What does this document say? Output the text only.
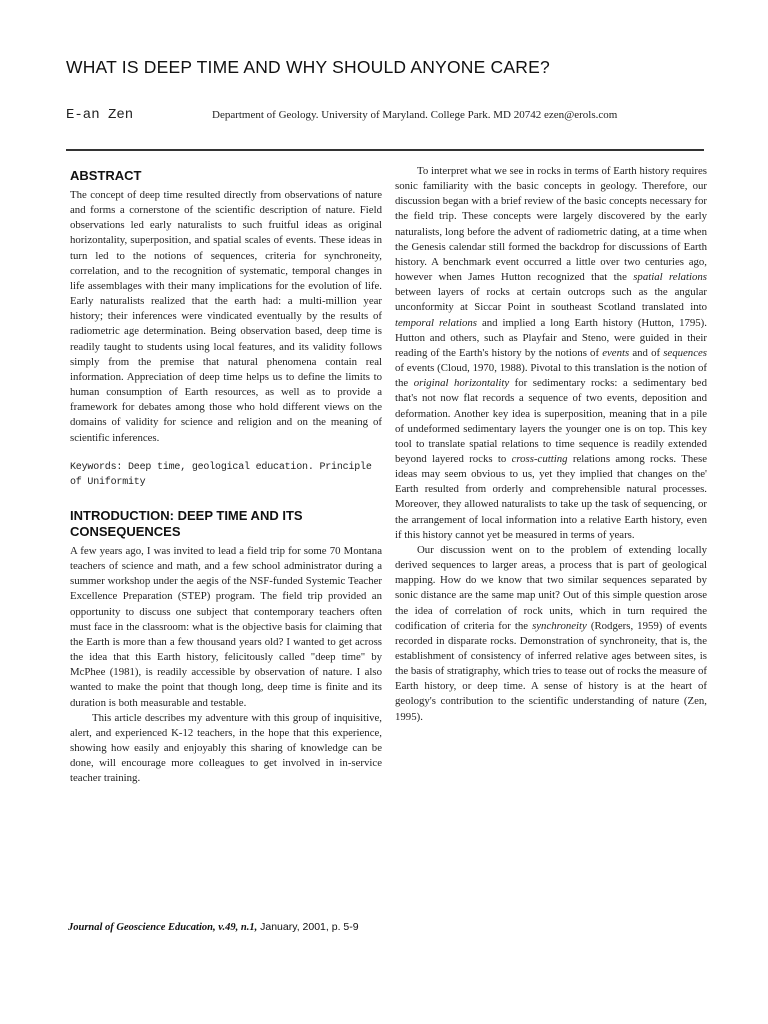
WHAT IS DEEP TIME AND WHY SHOULD ANYONE CARE?
E-an Zen	Department of Geology. University of Maryland. College Park. MD 20742 ezen@erols.com
ABSTRACT

The concept of deep time resulted directly from observations of nature and forms a cornerstone of the scientific description of nature. Field observations led early naturalists to such fruitful ideas as original horizontality, superposition, and spatial scales of events. These ideas in turn led to the notions of sequences, criteria for synchroneity, correlation, and to the recognition of systematic, temporal changes in life assemblages with their many implications for the evolution of life. Early naturalists realized that the earth had: a multi-million year history; their inferences were vindicated eventually by the results of radiometric age determination. Being observation based, deep time is readily taught to students using local features, and its validity follows simply from the premise that natural phenomena contain real information. Appreciation of deep time helps us to define the limits to human consumption of Earth resources, as well as to provide a framework for debates among those who hold different views on the domains of validity for science and religion and on the meaning of scientific inferences.

Keywords: Deep time, geological education. Principle of Uniformity

INTRODUCTION: DEEP TIME AND ITS CONSEQUENCES

A few years ago, I was invited to lead a field trip for some 70 Montana teachers of science and math, and a few school administrator during a summer workshop under the aegis of the NSF-funded Systemic Teacher Excellence Preparation (STEP) program. The field trip provided an opportunity to discuss one subject that contemporary teachers often must face in the classroom: what is the objective basis for claiming that the Earth is more than a few thousand years old? I wanted to get across the idea that this Earth history, felicitously called "deep time" by McPhee (1981), is readily accessible by observation of nature. I also wanted to make the point that though long, deep time is finite and its duration is both measurable and testable.

This article describes my adventure with this group of inquisitive, alert, and experienced K-12 teachers, in the hope that this experience, showing how easily and enjoyably this sharing of knowledge can be done, will encourage more colleagues to get involved in in-service teacher training.

To interpret what we see in rocks in terms of Earth history requires sonic familiarity with the basic concepts in geology. Therefore, our discussion began with a brief review of the basic concepts necessary for the field trip. These concepts were largely discovered by the early naturalists, long before the advent of radiometric dating, at a time when the Genesis calendar still formed the backdrop for discussions of Earth history. A benchmark event occurred a little over two centuries ago, however when James Hutton recognized that the spatial relations between layers of rocks at certain outcrops such as the angular unconformity at Siccar Point in southeast Scotland translated into temporal relations and implied a long Earth history (Hutton, 1795). Hutton and others, such as Playfair and Steno, were guided in their reading of the Earth's history by the notions of events and of sequences of events (Cloud, 1970, 1988). Pivotal to this translation is the notion of the original horizontality for sedimentary rocks: a sedimentary bed that's not now flat records a sequence of two events, deposition and deformation. Another key idea is superposition, meaning that in a pile of undeformed sedimentary layers the younger one is on top. This key tool to translate spatial relations to time sequence is readily extended beyond layered rocks to cross-cutting relations among rocks. These ideas may seem obvious to us, yet they implied that changes on the' Earth resulted from orderly and comprehensible natural processes. Moreover, they allowed naturalists to take up the task of sequencing, or the arrangement of local information into a relative Earth history, even if this history cannot yet be measured in terms of years.

Our discussion went on to the problem of extending locally derived sequences to larger areas, a process that is part of geological mapping. How do we know that two similar sequences separated by sonic distance are the same map unit? Out of this simple question arose the idea of correlation of rock units, which in turn required the codification of criteria for the synchroneity (Rodgers, 1959) of events recorded in disparate rocks. Demonstration of synchroneity, that is, the establishment of consistency of inferred relative ages between sites, is the basis of stratigraphy, which tries to tease out of rocks the measure of Earth history, or deep time. A sense of history is at the heart of geology's contribution to the scientific understanding of nature (Zen, 1995).

Journal of Geoscience Education, v.49, n.1, January, 2001, p. 5-9
